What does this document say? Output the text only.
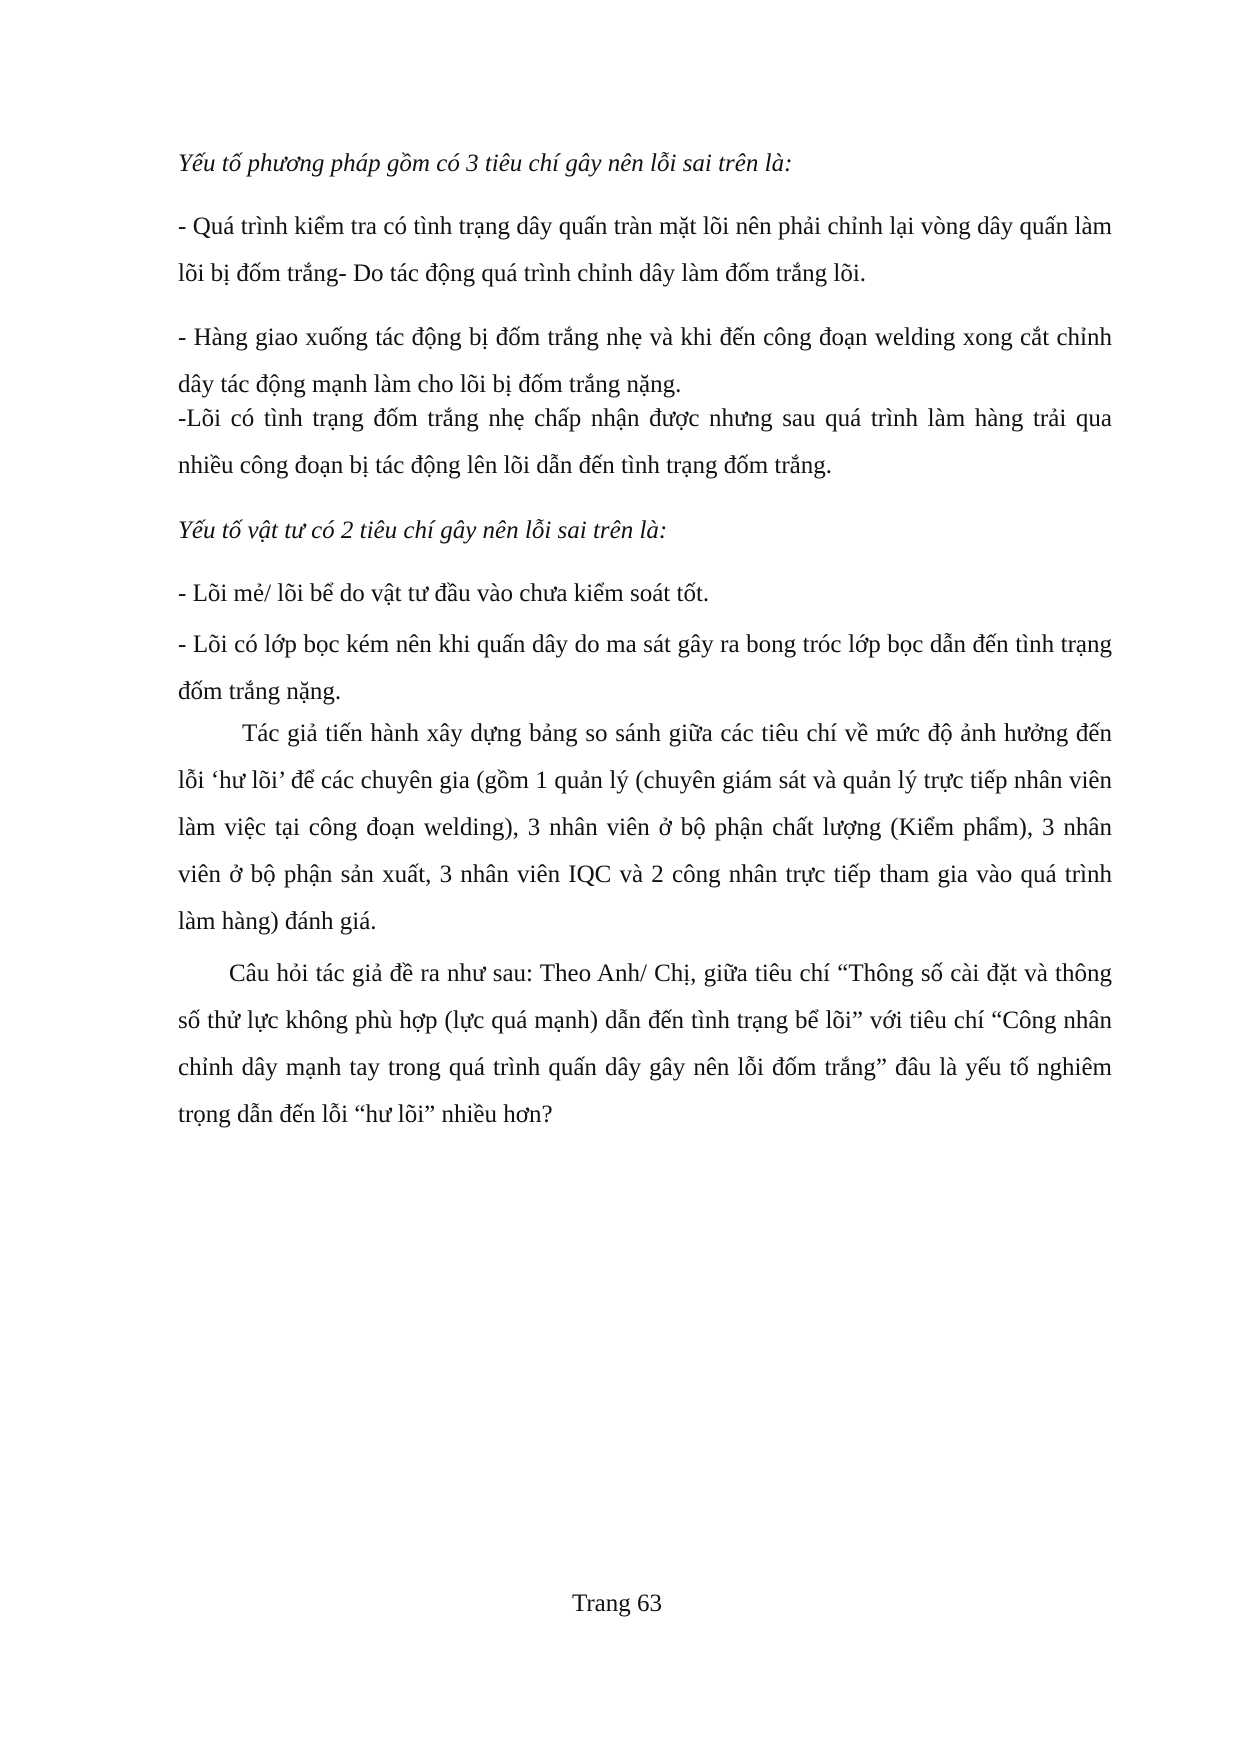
Yếu tố phương pháp gồm có 3 tiêu chí gây nên lỗi sai trên là:

- Quá trình kiểm tra có tình trạng dây quấn tràn mặt lõi nên phải chỉnh lại vòng dây quấn làm lõi bị đốm trắng- Do tác động quá trình chỉnh dây làm đốm trắng lõi.

- Hàng giao xuống tác động bị đốm trắng nhẹ và khi đến công đoạn welding xong cắt chỉnh dây tác động mạnh làm cho lõi bị đốm trắng nặng.

-Lõi có tình trạng đốm trắng nhẹ chấp nhận được nhưng sau quá trình làm hàng trải qua nhiều công đoạn bị tác động lên lõi dẫn đến tình trạng đốm trắng.

Yếu tố vật tư có 2 tiêu chí gây nên lỗi sai trên là:

- Lõi mẻ/ lõi bể do vật tư đầu vào chưa kiểm soát tốt.

- Lõi có lớp bọc kém nên khi quấn dây do ma sát gây ra bong tróc lớp bọc dẫn đến tình trạng đốm trắng nặng.

Tác giả tiến hành xây dựng bảng so sánh giữa các tiêu chí về mức độ ảnh hưởng đến lỗi ‘hư lõi’ để các chuyên gia (gồm 1 quản lý (chuyên giám sát và quản lý trực tiếp nhân viên làm việc tại công đoạn welding), 3 nhân viên ở bộ phận chất lượng (Kiểm phẩm), 3 nhân viên ở bộ phận sản xuất, 3 nhân viên IQC và 2 công nhân trực tiếp tham gia vào quá trình làm hàng) đánh giá.

Câu hỏi tác giả đề ra như sau: Theo Anh/ Chị, giữa tiêu chí “Thông số cài đặt và thông số thử lực không phù hợp (lực quá mạnh) dẫn đến tình trạng bể lõi” với tiêu chí “Công nhân chỉnh dây mạnh tay trong quá trình quấn dây gây nên lỗi đốm trắng” đâu là yếu tố nghiêm trọng dẫn đến lỗi “hư lõi” nhiều hơn?

Trang 63
